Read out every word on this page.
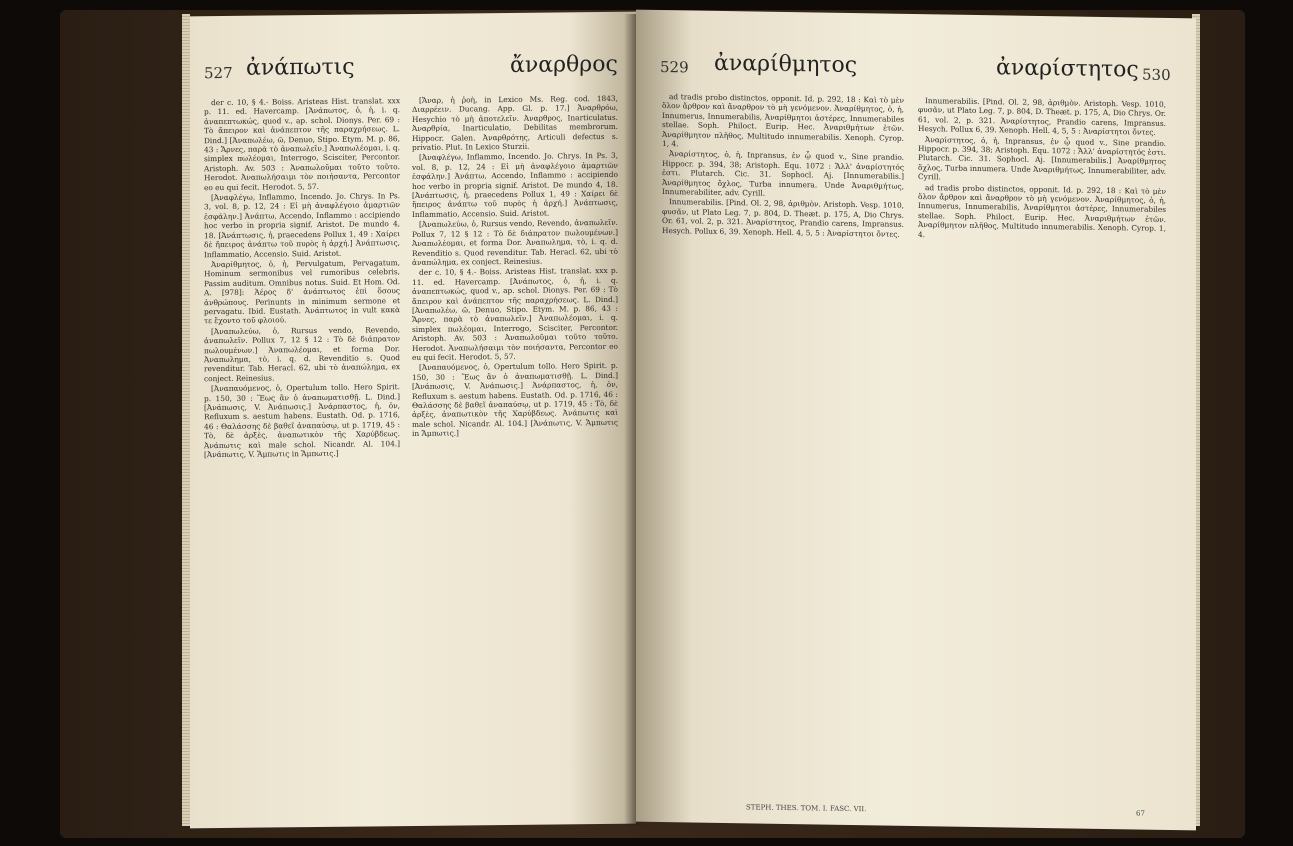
527 ἀνάπωτις	ἄναρθρος

der c. 10, § 4.- Boiss. Aristeas Hist. translat. xxx p. 11. ed. Havercamp. [Ἀνάπωτος, ὁ, ἡ, i. q. ἀναπεπτωκώς, quod v., ap. schol. Dionys. Per. 69 : Τὸ ἄπειρον καὶ ἀνάπεπτον τῆς παραχρήσεως. L. Dind.] [Ἀναπωλέω, ῶ, Denuo, Stipo. Etym. M. p. 86, 43 : Ἄρνες, παρὰ τὸ ἀναπωλεῖν.] Ἀναπωλέομαι, i. q. simplex πωλέομαι, Interrogo, Scisciter, Percontor. Aristoph. Av. 503 : Ἀναπωλοῦμαι τοῦτο τοῦτο. Herodot. Ἀναπωλήσαιμι τὸν ποιήσαντα, Percontor eo eu qui fecit. Herodot. 5, 57.

[Ἀναφλέγω, Inflammo, Incendo. Jo. Chrys. In Ps. 3, vol. 8, p. 12, 24 : Εἰ μὴ ἀναφλέγοιο ἀμαρτιῶν ἐσφάλην.] Ἀνάπτω, Accendo, Inflammo : accipiendo hoc verbo in propria signif. Aristot. De mundo 4, 18. [Ἀνάπτωσις, ἡ, praecedens Pollux 1, 49 : Χαίρει δὲ ἤπειρος ἀνάπτω τοῦ πυρὸς ἡ ἀρχή.] Ἀνάπτωσις, Inflammatio, Accensio. Suid. Aristot.

Ἀναρίθμητος, ὁ, ἡ, Pervulgatum, Pervagatum, Hominum sermonibus vel rumoribus celebris, Passim auditum. Omnibus notus. Suid. Et Hom. Od. A. [978]: Ἀέρος δ' ἀνάπτωτος ἐπὶ ὅσους ἀνθρώπους. Perinunts in minimum sermone et pervagatu. Ibid. Eustath. Ἀνάπτωτος in vult κακὰ τε ἔχοντο τοῦ φλοιού.

[Ἀναπωλεύω, ὁ, Rursus vendo, Revendo, ἀναπωλεῖν. Pollux 7, 12 § 12 : Τὸ δὲ διάπρατον πωλουμένων.] Ἀναπωλέομαι, et forma Dor. Ἀναπωλημα, τὸ, i. q. d. Revenditio s. Quod revenditur. Tab. Heracl. 62, ubi τὸ ἀναπώλημα, ex conject. Reinesius.

[Ἀναπαυόμενος, ὁ, Opertulum tollo. Hero Spirit. p. 150, 30 : Ἕως ἂν ὀ ἀναπωματισθῇ. L. Dind.] [Ἀνάπωσις, V. Ἀνάπωσις.] Ἀνάρπαστος, ἡ, ὁν, Refluxum s. aestum habens. Eustath. Od. p. 1716, 46 : Θαλάσσης δὲ βαθεῖ ἀναπαύσῳ, ut p. 1719, 45 : Τὸ, δὲ ἀρξὲς, ἀναπωτικὸν τῆς Χαρύβδεως. Ἀνάπωτις καὶ male schol. Nicandr. Al. 104.] [Ἀνάπωτις, V. Ἄμπωτις in Ἄμπωτις.]

[Ἄναρ, ἡ ῥοὴ, in Lexico Ms. Reg. cod. 1843, Διαρρέειν. Ducang. App. Gl. p. 17.] Ἀναρθρόω, Hesychio τὸ μὴ ἀποτελεῖν. Ἀναρθρος, Inarticulatus. Ἀναρθρία, Inarticulatio, Debilitas membrorum. Hippocr. Galen. Ἀναρθρότης, Articuli defectus s. privatio. Plut. In Lexico Sturzii.

[Ἀναφλέγω, Inflammo, Incendo. Jo. Chrys. In Ps. 3, vol. 8, p. 12, 24 : Εἰ μὴ ἀναφλέγοιο ἀμαρτιῶν ἐσφάλην.] Ἀνάπτω, Accendo, Inflammo : accipiendo hoc verbo in propria signif. Aristot. De mundo 4, 18. [Ἀνάπτωσις, ἡ, praecedens Pollux 1, 49 : Χαίρει δὲ ἤπειρος ἀνάπτω τοῦ πυρὸς ἡ ἀρχή.] Ἀνάπτωσις, Inflammatio, Accensio. Suid. Aristot.

[Ἀναπωλεύω, ὁ, Rursus vendo, Revendo, ἀναπωλεῖν. Pollux 7, 12 § 12 : Τὸ δὲ διάπρατον πωλουμένων.] Ἀναπωλέομαι, et forma Dor. Ἀναπωλημα, τὸ, i. q. d. Revenditio s. Quod revenditur. Tab. Heracl. 62, ubi τὸ ἀναπώλημα, ex conject. Reinesius.

der c. 10, § 4.- Boiss. Aristeas Hist. translat. xxx p. 11. ed. Havercamp. [Ἀνάπωτος, ὁ, ἡ, i. q. ἀναπεπτωκώς, quod v., ap. schol. Dionys. Per. 69 : Τὸ ἄπειρον καὶ ἀνάπεπτον τῆς παραχρήσεως. L. Dind.] [Ἀναπωλέω, ῶ, Denuo, Stipo. Etym. M. p. 86, 43 : Ἄρνες, παρὰ τὸ ἀναπωλεῖν.] Ἀναπωλέομαι, i. q. simplex πωλέομαι, Interrogo, Scisciter, Percontor. Aristoph. Av. 503 : Ἀναπωλοῦμαι τοῦτο τοῦτο. Herodot. Ἀναπωλήσαιμι τὸν ποιήσαντα, Percontor eo eu qui fecit. Herodot. 5, 57.

[Ἀναπαυόμενος, ὁ, Opertulum tollo. Hero Spirit. p. 150, 30 : Ἕως ἂν ὀ ἀναπωματισθῇ. L. Dind.] [Ἀνάπωσις, V. Ἀνάπωσις.] Ἀνάρπαστος, ἡ, ὁν, Refluxum s. aestum habens. Eustath. Od. p. 1716, 46 : Θαλάσσης δὲ βαθεῖ ἀναπαύσῳ, ut p. 1719, 45 : Τὸ, δὲ ἀρξὲς, ἀναπωτικὸν τῆς Χαρύβδεως. Ἀνάπωτις καὶ male schol. Nicandr. Al. 104.] [Ἀνάπωτις, V. Ἄμπωτις in Ἄμπωτις.]

529 ἀναρίθμητος	ἀναρίστητος 530

ad tradis probo distinctos, opponit. Id. p. 292, 18 : Καὶ τὸ μὲν ὅλον ἄρθρον καὶ ἄναρθρον τὸ μὴ γενόμενον. Ἀναρίθμητος, ὁ, ἡ, Innumerus, Innumerabilis, Ἀναρίθμητοι ἀστέρες, Innumerabiles stellae. Soph. Philoct. Eurip. Hec. Ἀναριθμήτων ἐτῶν. Ἀναρίθμητον πλῆθος, Multitudo innumerabilis. Xenoph. Cyrop. 1, 4.

Ἀναρίστητος, ὁ, ἡ, Inpransus, ἐν ᾧ quod v., Sine prandio. Hippocr. p. 394, 38; Aristoph. Equ. 1072 : Ἄλλ' ἀναρίστητός ἐστι. Plutarch. Cic. 31. Sophocl. Aj. [Innumerabilis.] Ἀναρίθμητος ὄχλος, Turba innumera. Unde Ἀναριθμήτως, Innumerabiliter, adv. Cyrill.

Innumerabilis. [Pind. Ol. 2, 98, ἀριθμὸν. Aristoph. Vesp. 1010, φυσᾶν, ut Plato Leg. 7, p. 804, D. Theæt. p. 175, A, Dio Chrys. Or. 61, vol. 2, p. 321. Ἀναρίστητος, Prandio carens, Impransus. Hesych. Pollux 6, 39. Xenoph. Hell. 4, 5, 5 : Ἀναρίστητοι ὄντες.

Innumerabilis. [Pind. Ol. 2, 98, ἀριθμὸν. Aristoph. Vesp. 1010, φυσᾶν, ut Plato Leg. 7, p. 804, D. Theæt. p. 175, A, Dio Chrys. Or. 61, vol. 2, p. 321. Ἀναρίστητος, Prandio carens, Impransus. Hesych. Pollux 6, 39. Xenoph. Hell. 4, 5, 5 : Ἀναρίστητοι ὄντες.

Ἀναρίστητος, ὁ, ἡ, Inpransus, ἐν ᾧ quod v., Sine prandio. Hippocr. p. 394, 38; Aristoph. Equ. 1072 : Ἄλλ' ἀναρίστητός ἐστι. Plutarch. Cic. 31. Sophocl. Aj. [Innumerabilis.] Ἀναρίθμητος ὄχλος, Turba innumera. Unde Ἀναριθμήτως, Innumerabiliter, adv. Cyrill.

ad tradis probo distinctos, opponit. Id. p. 292, 18 : Καὶ τὸ μὲν ὅλον ἄρθρον καὶ ἄναρθρον τὸ μὴ γενόμενον. Ἀναρίθμητος, ὁ, ἡ, Innumerus, Innumerabilis, Ἀναρίθμητοι ἀστέρες, Innumerabiles stellae. Soph. Philoct. Eurip. Hec. Ἀναριθμήτων ἐτῶν. Ἀναρίθμητον πλῆθος, Multitudo innumerabilis. Xenoph. Cyrop. 1, 4.

STEPH. THES. TOM. I. FASC. VII.
67
